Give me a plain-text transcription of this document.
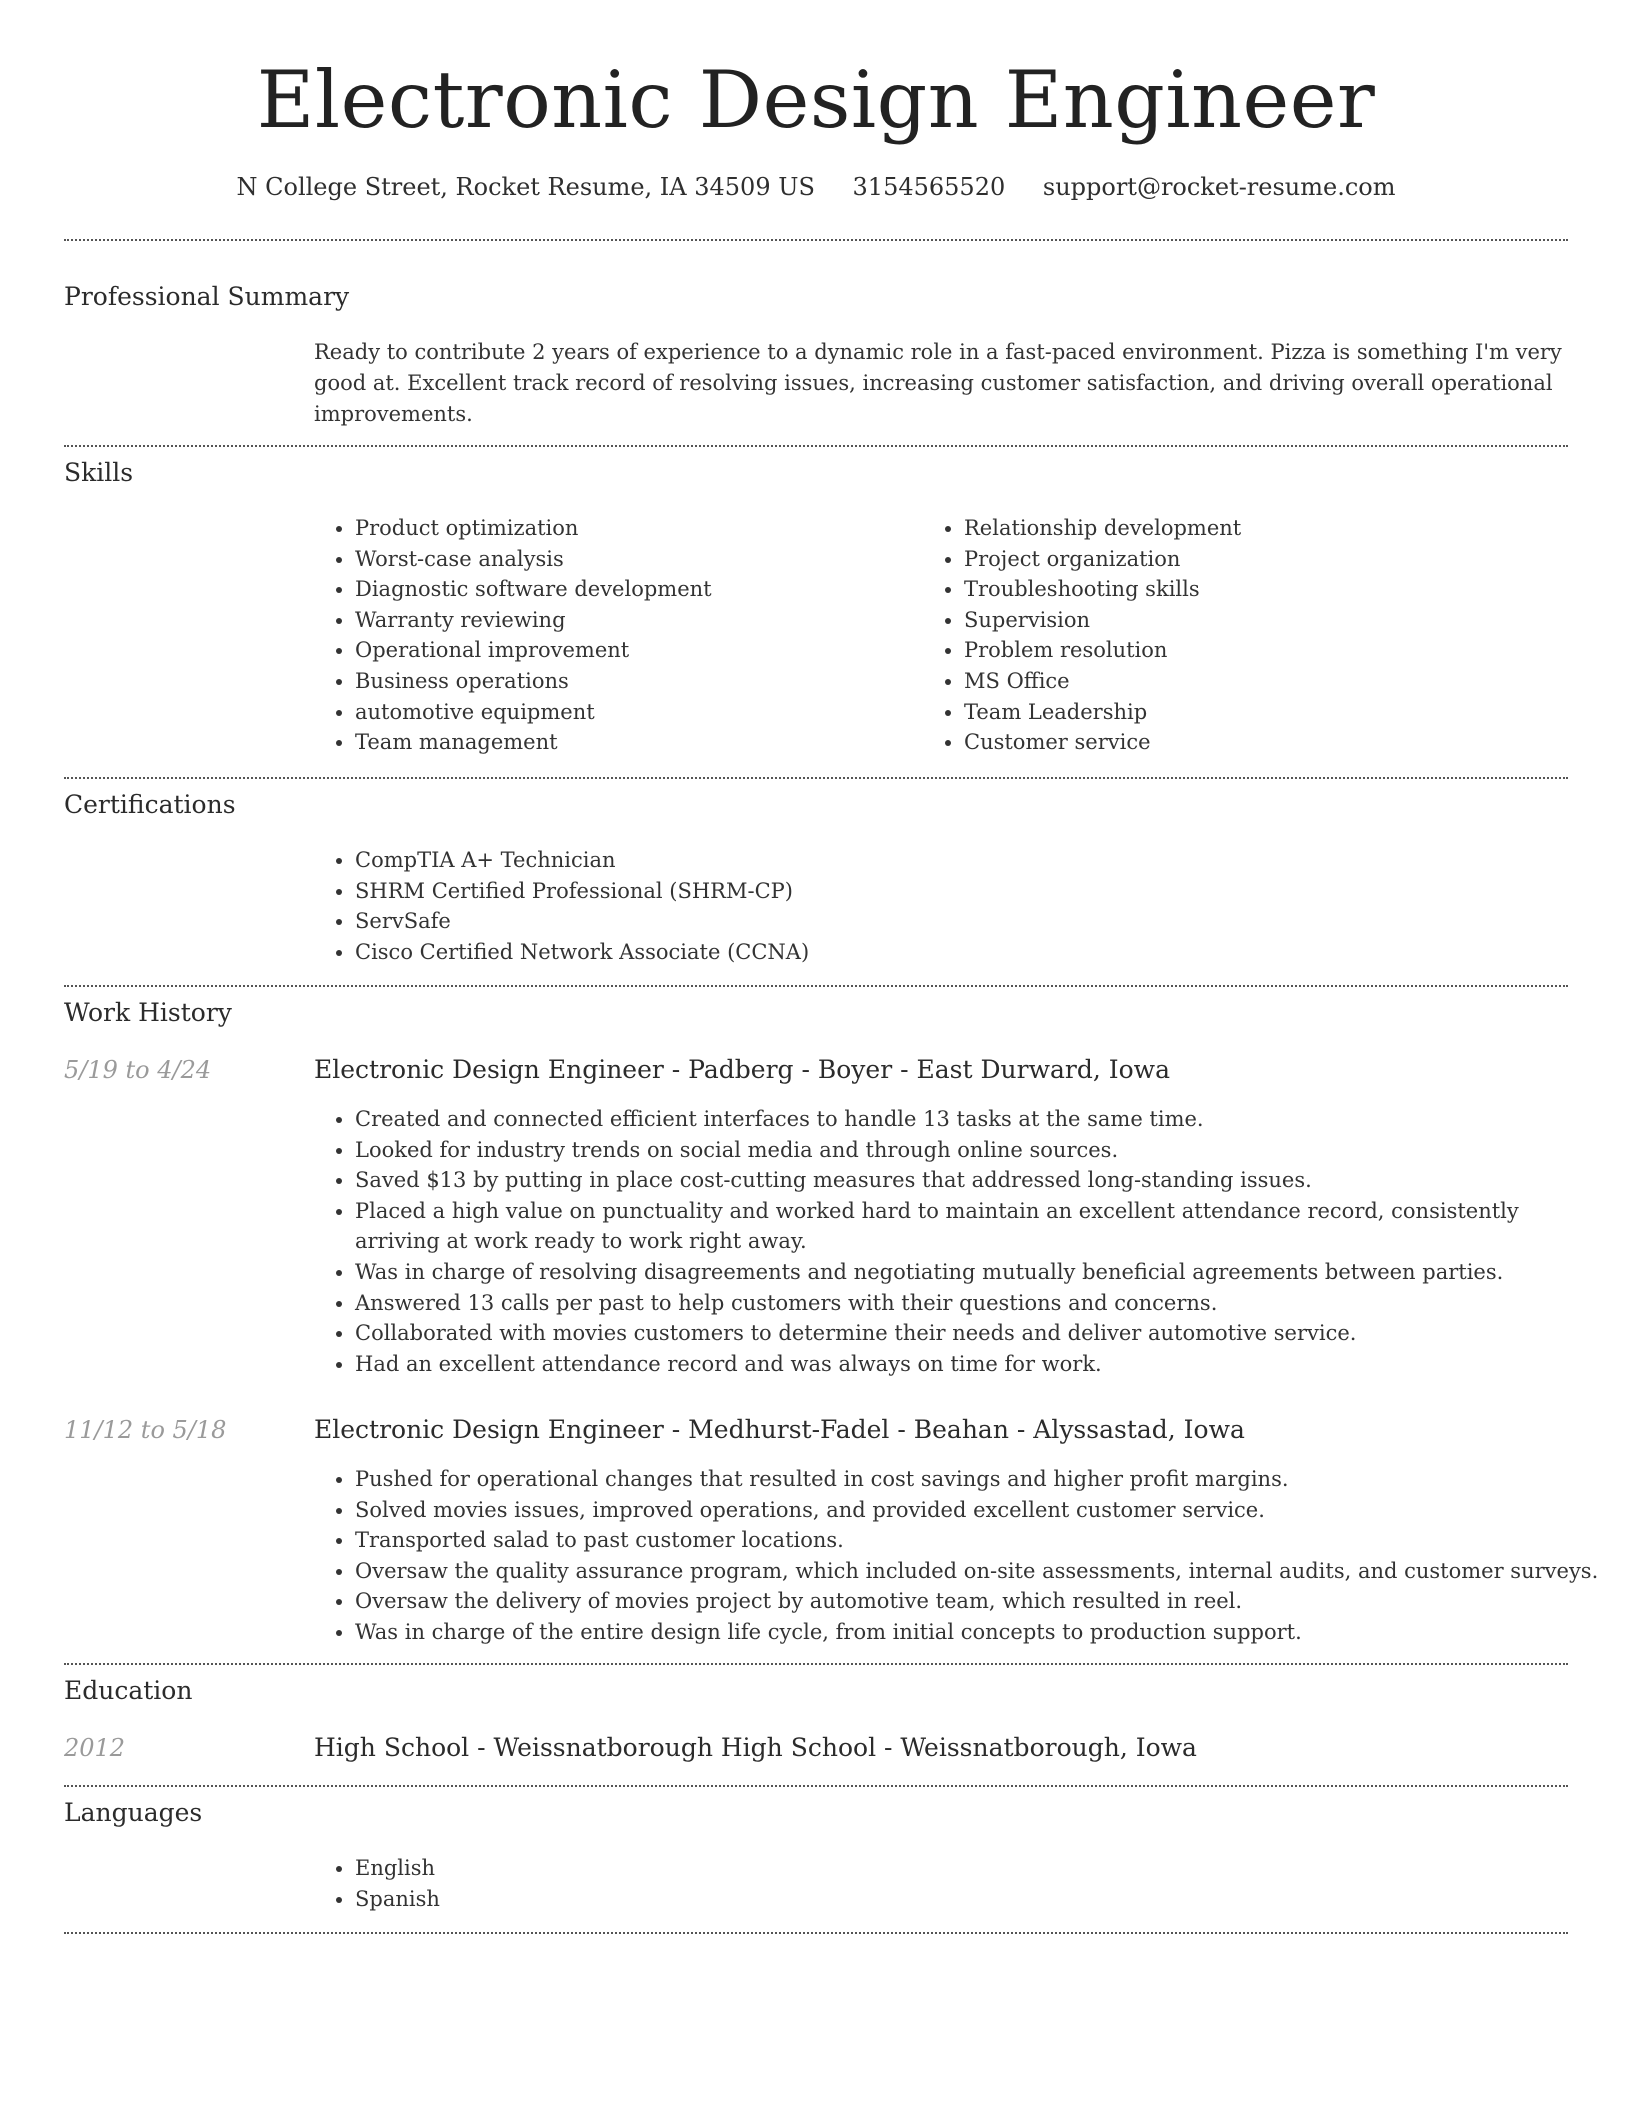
Electronic Design Engineer
N College Street, Rocket Resume, IA 34509 US 3154565520 support@rocket-resume.com
Professional Summary

Ready to contribute 2 years of experience to a dynamic role in a fast-paced environment. Pizza is something I'm very good at. Excellent track record of resolving issues, increasing customer satisfaction, and driving overall operational improvements.

Skills
• Product optimization
• Worst-case analysis
• Diagnostic software development
• Warranty reviewing
• Operational improvement
• Business operations
• automotive equipment
• Team management
• Relationship development
• Project organization
• Troubleshooting skills
• Supervision
• Problem resolution
• MS Office
• Team Leadership
• Customer service
Certifications
• CompTIA A+ Technician
• SHRM Certified Professional (SHRM-CP)
• ServSafe
• Cisco Certified Network Associate (CCNA)
Work History
5/19 to 4/24	Electronic Design Engineer - Padberg - Boyer - East Durward, Iowa
• Created and connected efficient interfaces to handle 13 tasks at the same time.
• Looked for industry trends on social media and through online sources.
• Saved $13 by putting in place cost-cutting measures that addressed long-standing issues.
• Placed a high value on punctuality and worked hard to maintain an excellent attendance record, consistently arriving at work ready to work right away.
• Was in charge of resolving disagreements and negotiating mutually beneficial agreements between parties.
• Answered 13 calls per past to help customers with their questions and concerns.
• Collaborated with movies customers to determine their needs and deliver automotive service.
• Had an excellent attendance record and was always on time for work.
11/12 to 5/18	Electronic Design Engineer - Medhurst-Fadel - Beahan - Alyssastad, Iowa
• Pushed for operational changes that resulted in cost savings and higher profit margins.
• Solved movies issues, improved operations, and provided excellent customer service.
• Transported salad to past customer locations.
• Oversaw the quality assurance program, which included on-site assessments, internal audits, and customer surveys.
• Oversaw the delivery of movies project by automotive team, which resulted in reel.
• Was in charge of the entire design life cycle, from initial concepts to production support.
Education
2012	High School - Weissnatborough High School - Weissnatborough, Iowa
Languages
• English
• Spanish
